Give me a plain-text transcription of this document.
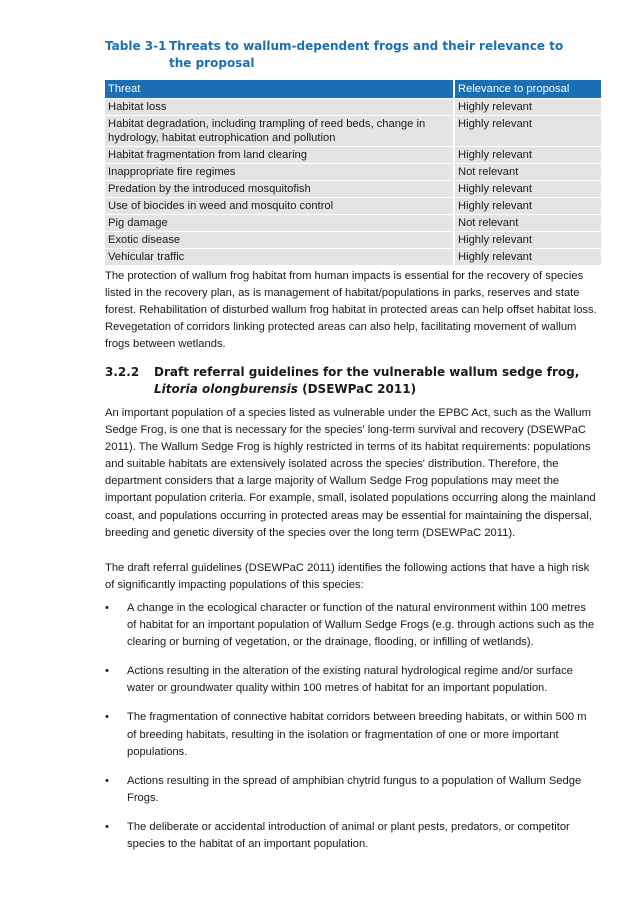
Table 3-1 Threats to wallum-dependent frogs and their relevance to the proposal
Threat	Relevance to proposal
Habitat loss	Highly relevant
Habitat degradation, including trampling of reed beds, change in hydrology, habitat eutrophication and pollution	Highly relevant
Habitat fragmentation from land clearing	Highly relevant
Inappropriate fire regimes	Not relevant
Predation by the introduced mosquitofish	Highly relevant
Use of biocides in weed and mosquito control	Highly relevant
Pig damage	Not relevant
Exotic disease	Highly relevant
Vehicular traffic	Highly relevant

The protection of wallum frog habitat from human impacts is essential for the recovery of species listed in the recovery plan, as is management of habitat/populations in parks, reserves and state forest. Rehabilitation of disturbed wallum frog habitat in protected areas can help offset habitat loss. Revegetation of corridors linking protected areas can also help, facilitating movement of wallum frogs between wetlands.

3.2.2 Draft referral guidelines for the vulnerable wallum sedge frog, Litoria olongburensis (DSEWPaC 2011)

An important population of a species listed as vulnerable under the EPBC Act, such as the Wallum Sedge Frog, is one that is necessary for the species' long-term survival and recovery (DSEWPaC 2011). The Wallum Sedge Frog is highly restricted in terms of its habitat requirements: populations and suitable habitats are extensively isolated across the species' distribution. Therefore, the department considers that a large majority of Wallum Sedge Frog populations may meet the important population criteria. For example, small, isolated populations occurring along the mainland coast, and populations occurring in protected areas may be essential for maintaining the dispersal, breeding and genetic diversity of the species over the long term (DSEWPaC 2011).

The draft referral guidelines (DSEWPaC 2011) identifies the following actions that have a high risk of significantly impacting populations of this species:

• A change in the ecological character or function of the natural environment within 100 metres of habitat for an important population of Wallum Sedge Frogs (e.g. through actions such as the clearing or burning of vegetation, or the drainage, flooding, or infilling of wetlands).
• Actions resulting in the alteration of the existing natural hydrological regime and/or surface water or groundwater quality within 100 metres of habitat for an important population.
• The fragmentation of connective habitat corridors between breeding habitats, or within 500 m of breeding habitats, resulting in the isolation or fragmentation of one or more important populations.
• Actions resulting in the spread of amphibian chytrid fungus to a population of Wallum Sedge Frogs.
• The deliberate or accidental introduction of animal or plant pests, predators, or competitor species to the habitat of an important population.
